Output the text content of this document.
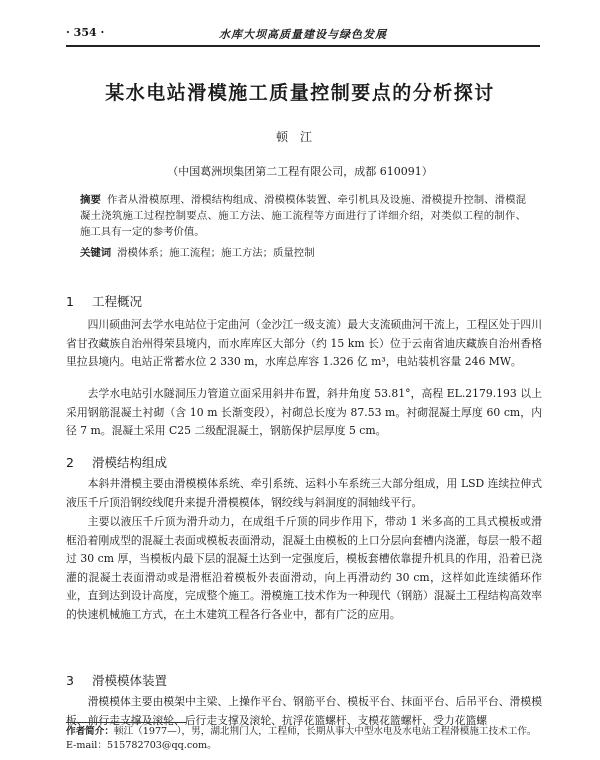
· 354 ·	水库大坝高质量建设与绿色发展
某水电站滑模施工质量控制要点的分析探讨
顿江
（中国葛洲坝集团第二工程有限公司，成都 610091）
摘要 作者从滑模原理、滑模结构组成、滑模模体装置、牵引机具及设施、滑模提升控制、滑模混凝土浇筑施工过程控制要点、施工方法、施工流程等方面进行了详细介绍，对类似工程的制作、施工具有一定的参考价值。
关键词 滑模体系；施工流程；施工方法；质量控制
1 工程概况
四川硕曲河去学水电站位于定曲河（金沙江一级支流）最大支流硕曲河干流上，工程区处于四川省甘孜藏族自治州得荣县境内，而水库库区大部分（约 15 km 长）位于云南省迪庆藏族自治州香格里拉县境内。电站正常蓄水位 2 330 m，水库总库容 1.326 亿 m³，电站装机容量 246 MW。
去学水电站引水隧洞压力管道立面采用斜井布置，斜井角度 53.81°，高程 EL.2179.193 以上采用钢筋混凝土衬砌（含 10 m 长渐变段），衬砌总长度为 87.53 m。衬砌混凝土厚度 60 cm，内径 7 m。混凝土采用 C25 二级配混凝土，钢筋保护层厚度 5 cm。
2 滑模结构组成
本斜井滑模主要由滑模模体系统、牵引系统、运料小车系统三大部分组成，用 LSD 连续拉伸式液压千斤顶沿钢绞线爬升来提升滑模模体，钢绞线与斜洞度的洞轴线平行。
主要以液压千斤顶为滑升动力，在成组千斤顶的同步作用下，带动 1 米多高的工具式模板或滑框沿着刚成型的混凝土表面或模板表面滑动，混凝土由模板的上口分层向套槽内浇灌，每层一般不超过 30 cm 厚，当模板内最下层的混凝土达到一定强度后，模板套槽依靠提升机具的作用，沿着已浇灌的混凝土表面滑动或是滑框沿着模板外表面滑动，向上再滑动约 30 cm，这样如此连续循环作业，直到达到设计高度，完成整个施工。滑模施工技术作为一种现代（钢筋）混凝土工程结构高效率的快速机械施工方式，在土木建筑工程各行各业中，都有广泛的应用。
3 滑模模体装置
滑模模体主要由模架中主梁、上操作平台、钢筋平台、模板平台、抹面平台、后吊平台、滑模模板、前行走支撑及滚轮、后行走支撑及滚轮、抗浮花篮螺杆、支模花篮螺杆、受力花篮螺
作者简介：顿江（1977—），男，湖北荆门人，工程师，长期从事大中型水电及水电站工程滑模施工技术工作。E-mail：515782703@qq.com。
